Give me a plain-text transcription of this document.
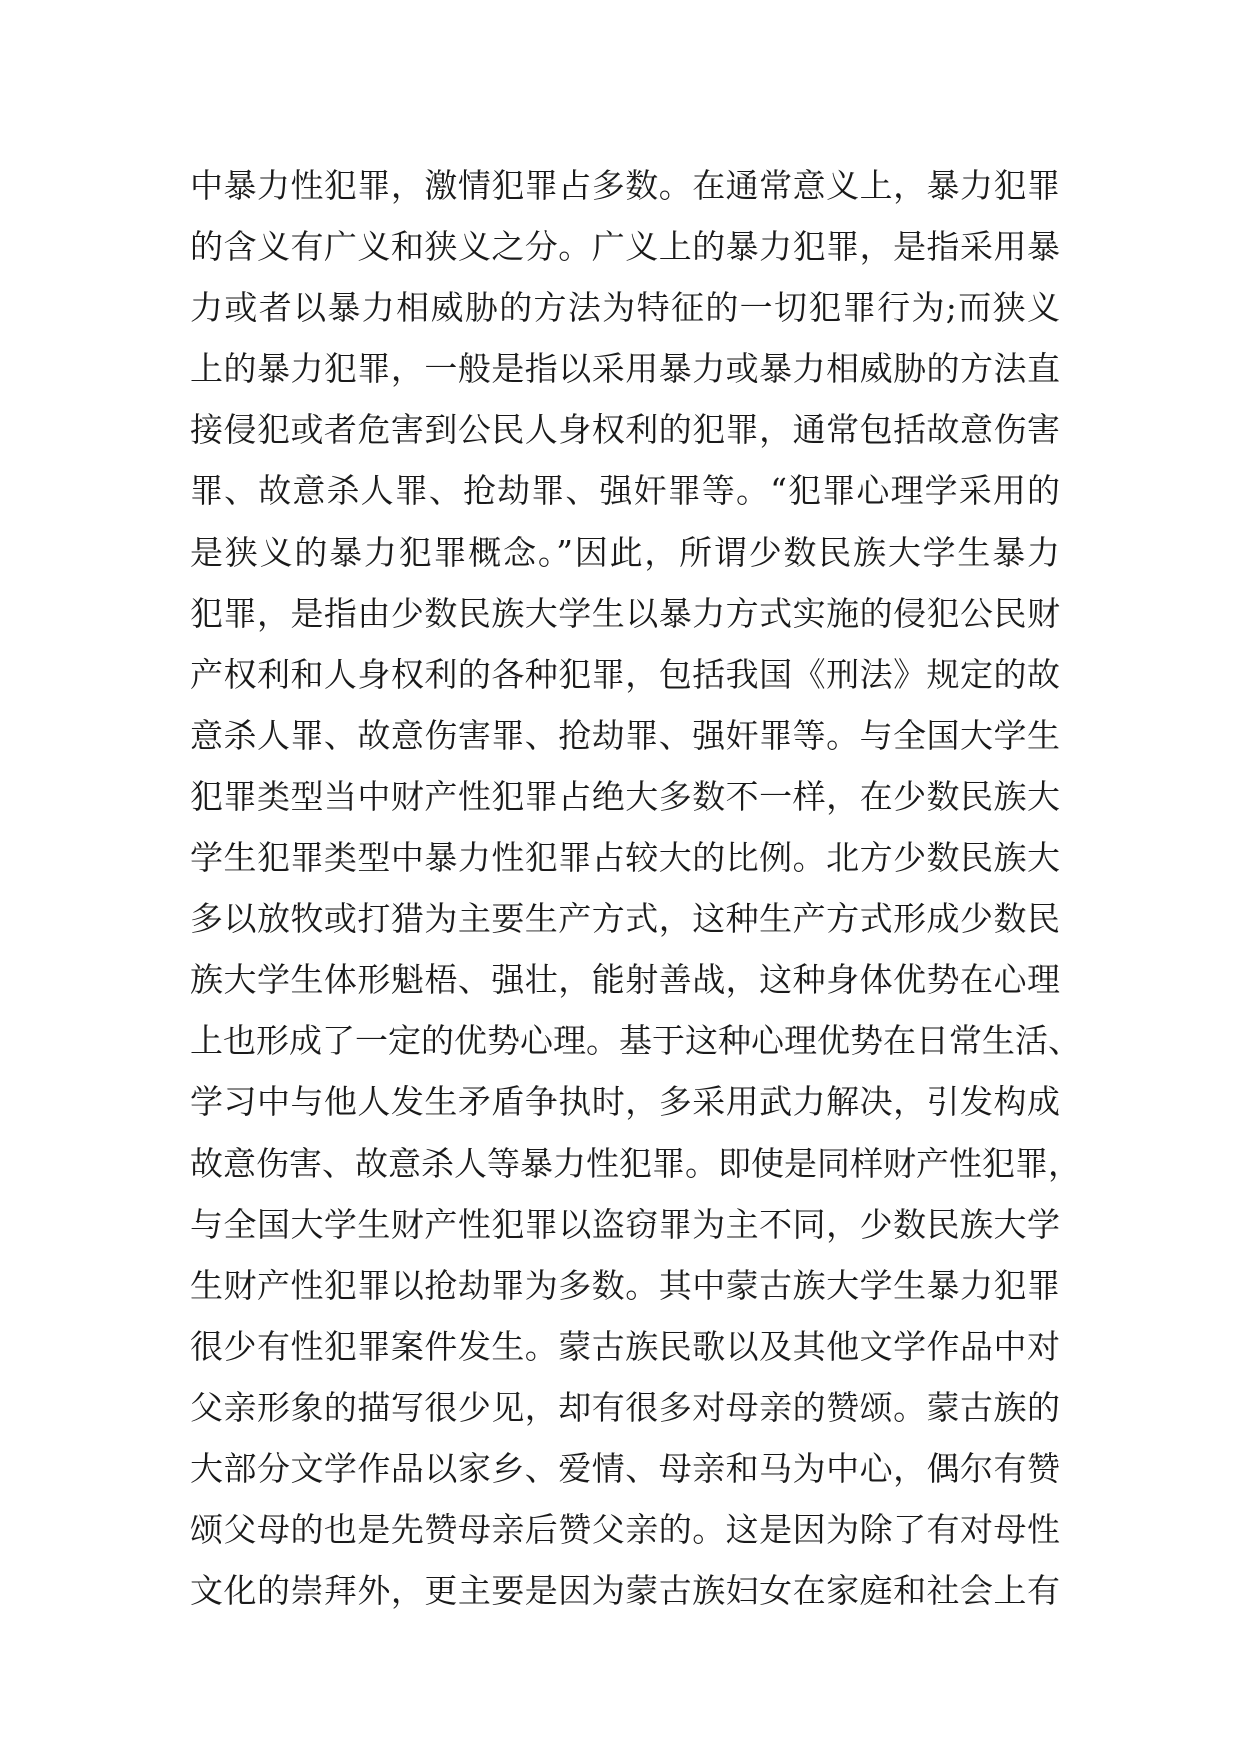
中暴力性犯罪，激情犯罪占多数。在通常意义上，暴力犯罪
的含义有广义和狭义之分。广义上的暴力犯罪，是指采用暴
力或者以暴力相威胁的方法为特征的一切犯罪行为;而狭义
上的暴力犯罪，一般是指以采用暴力或暴力相威胁的方法直
接侵犯或者危害到公民人身权利的犯罪，通常包括故意伤害
罪、故意杀人罪、抢劫罪、强奸罪等。“犯罪心理学采用的
是狭义的暴力犯罪概念。”因此，所谓少数民族大学生暴力
犯罪，是指由少数民族大学生以暴力方式实施的侵犯公民财
产权利和人身权利的各种犯罪，包括我国《刑法》规定的故
意杀人罪、故意伤害罪、抢劫罪、强奸罪等。与全国大学生
犯罪类型当中财产性犯罪占绝大多数不一样，在少数民族大
学生犯罪类型中暴力性犯罪占较大的比例。北方少数民族大
多以放牧或打猎为主要生产方式，这种生产方式形成少数民
族大学生体形魁梧、强壮，能射善战，这种身体优势在心理
上也形成了一定的优势心理。基于这种心理优势在日常生活、
学习中与他人发生矛盾争执时，多采用武力解决，引发构成
故意伤害、故意杀人等暴力性犯罪。即使是同样财产性犯罪，
与全国大学生财产性犯罪以盗窃罪为主不同，少数民族大学
生财产性犯罪以抢劫罪为多数。其中蒙古族大学生暴力犯罪
很少有性犯罪案件发生。蒙古族民歌以及其他文学作品中对
父亲形象的描写很少见，却有很多对母亲的赞颂。蒙古族的
大部分文学作品以家乡、爱情、母亲和马为中心，偶尔有赞
颂父母的也是先赞母亲后赞父亲的。这是因为除了有对母性
文化的崇拜外，更主要是因为蒙古族妇女在家庭和社会上有
